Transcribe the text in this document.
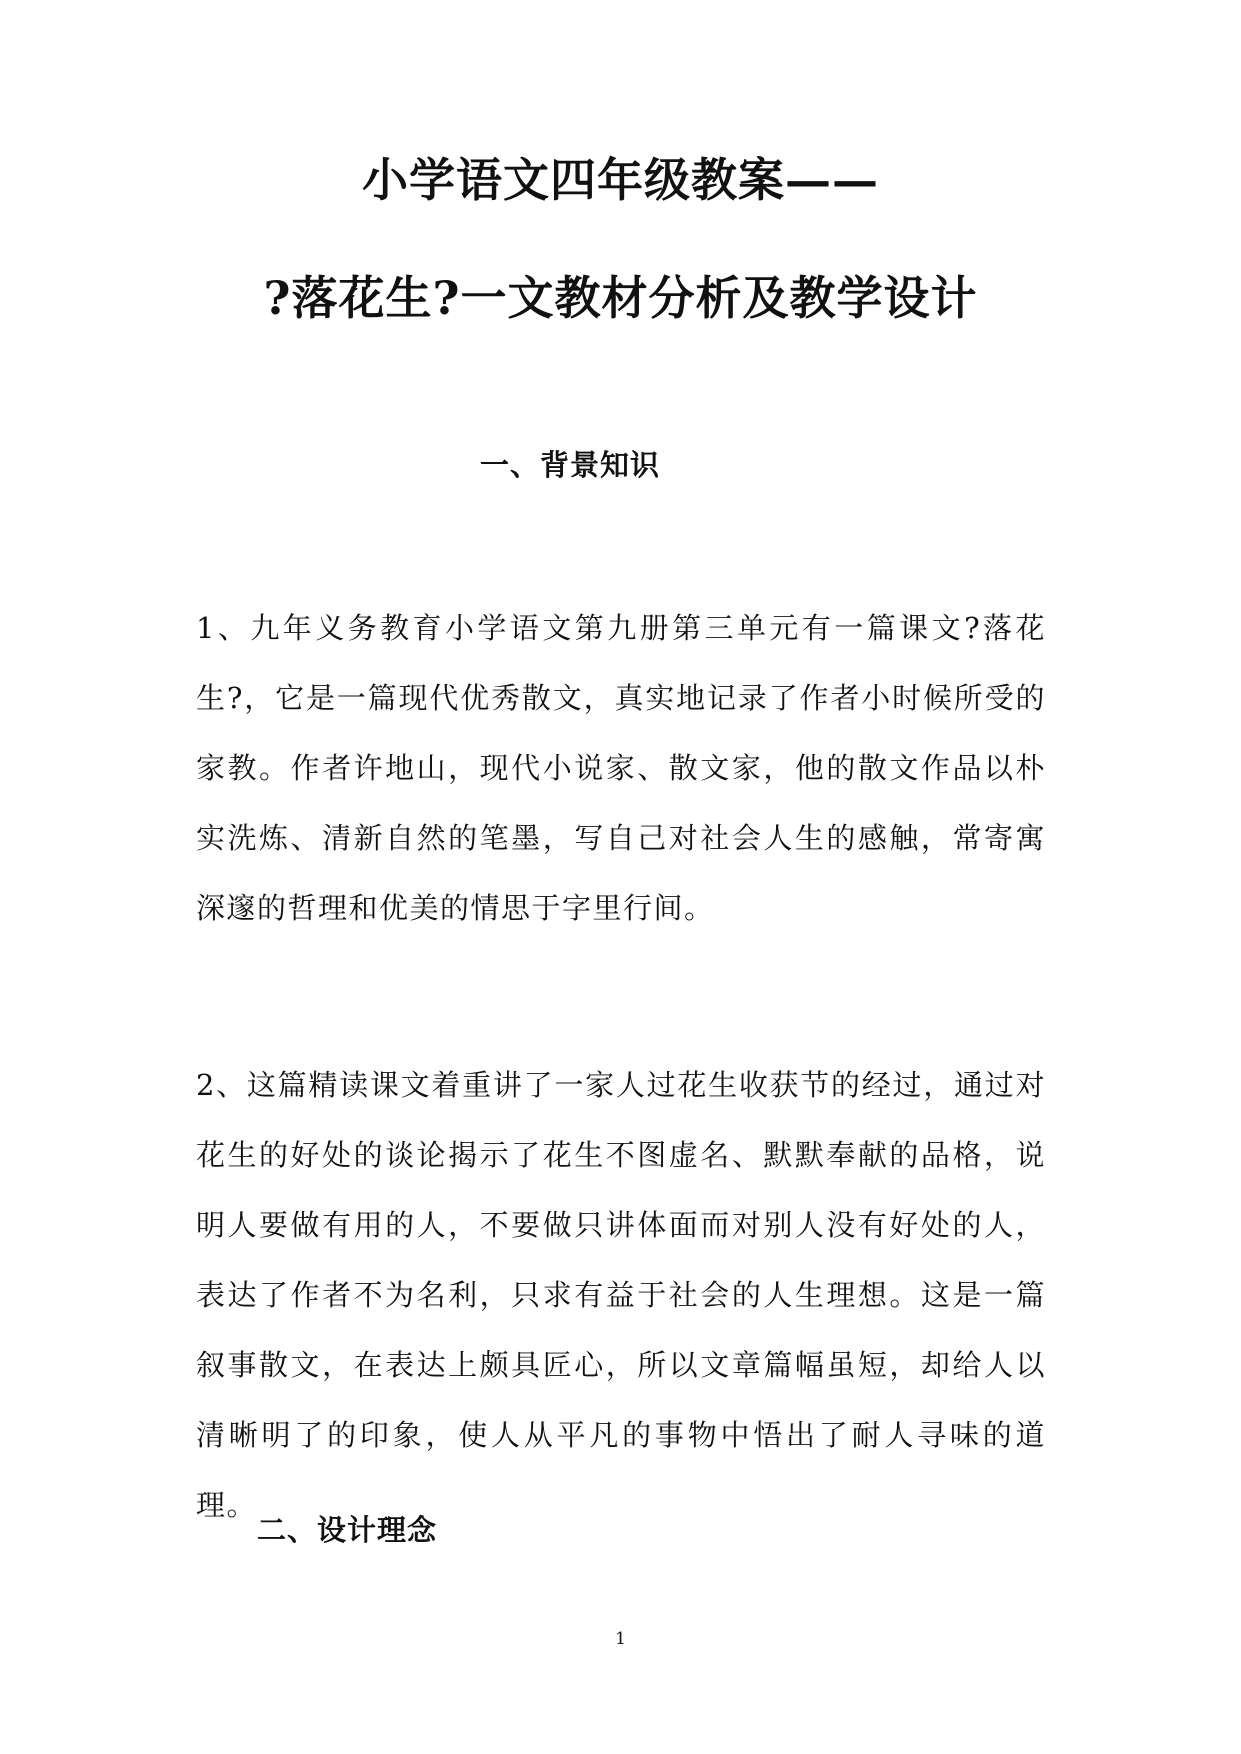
小学语文四年级教案——
?落花生?一文教材分析及教学设计
一、背景知识

1、九年义务教育小学语文第九册第三单元有一篇课文?落花生?，它是一篇现代优秀散文，真实地记录了作者小时候所受的家教。作者许地山，现代小说家、散文家，他的散文作品以朴实洗炼、清新自然的笔墨，写自己对社会人生的感触，常寄寓深邃的哲理和优美的情思于字里行间。

2、这篇精读课文着重讲了一家人过花生收获节的经过，通过对花生的好处的谈论揭示了花生不图虚名、默默奉献的品格，说明人要做有用的人，不要做只讲体面而对别人没有好处的人，表达了作者不为名利，只求有益于社会的人生理想。这是一篇叙事散文，在表达上颇具匠心，所以文章篇幅虽短，却给人以清晰明了的印象，使人从平凡的事物中悟出了耐人寻味的道理。

二、设计理念
1
